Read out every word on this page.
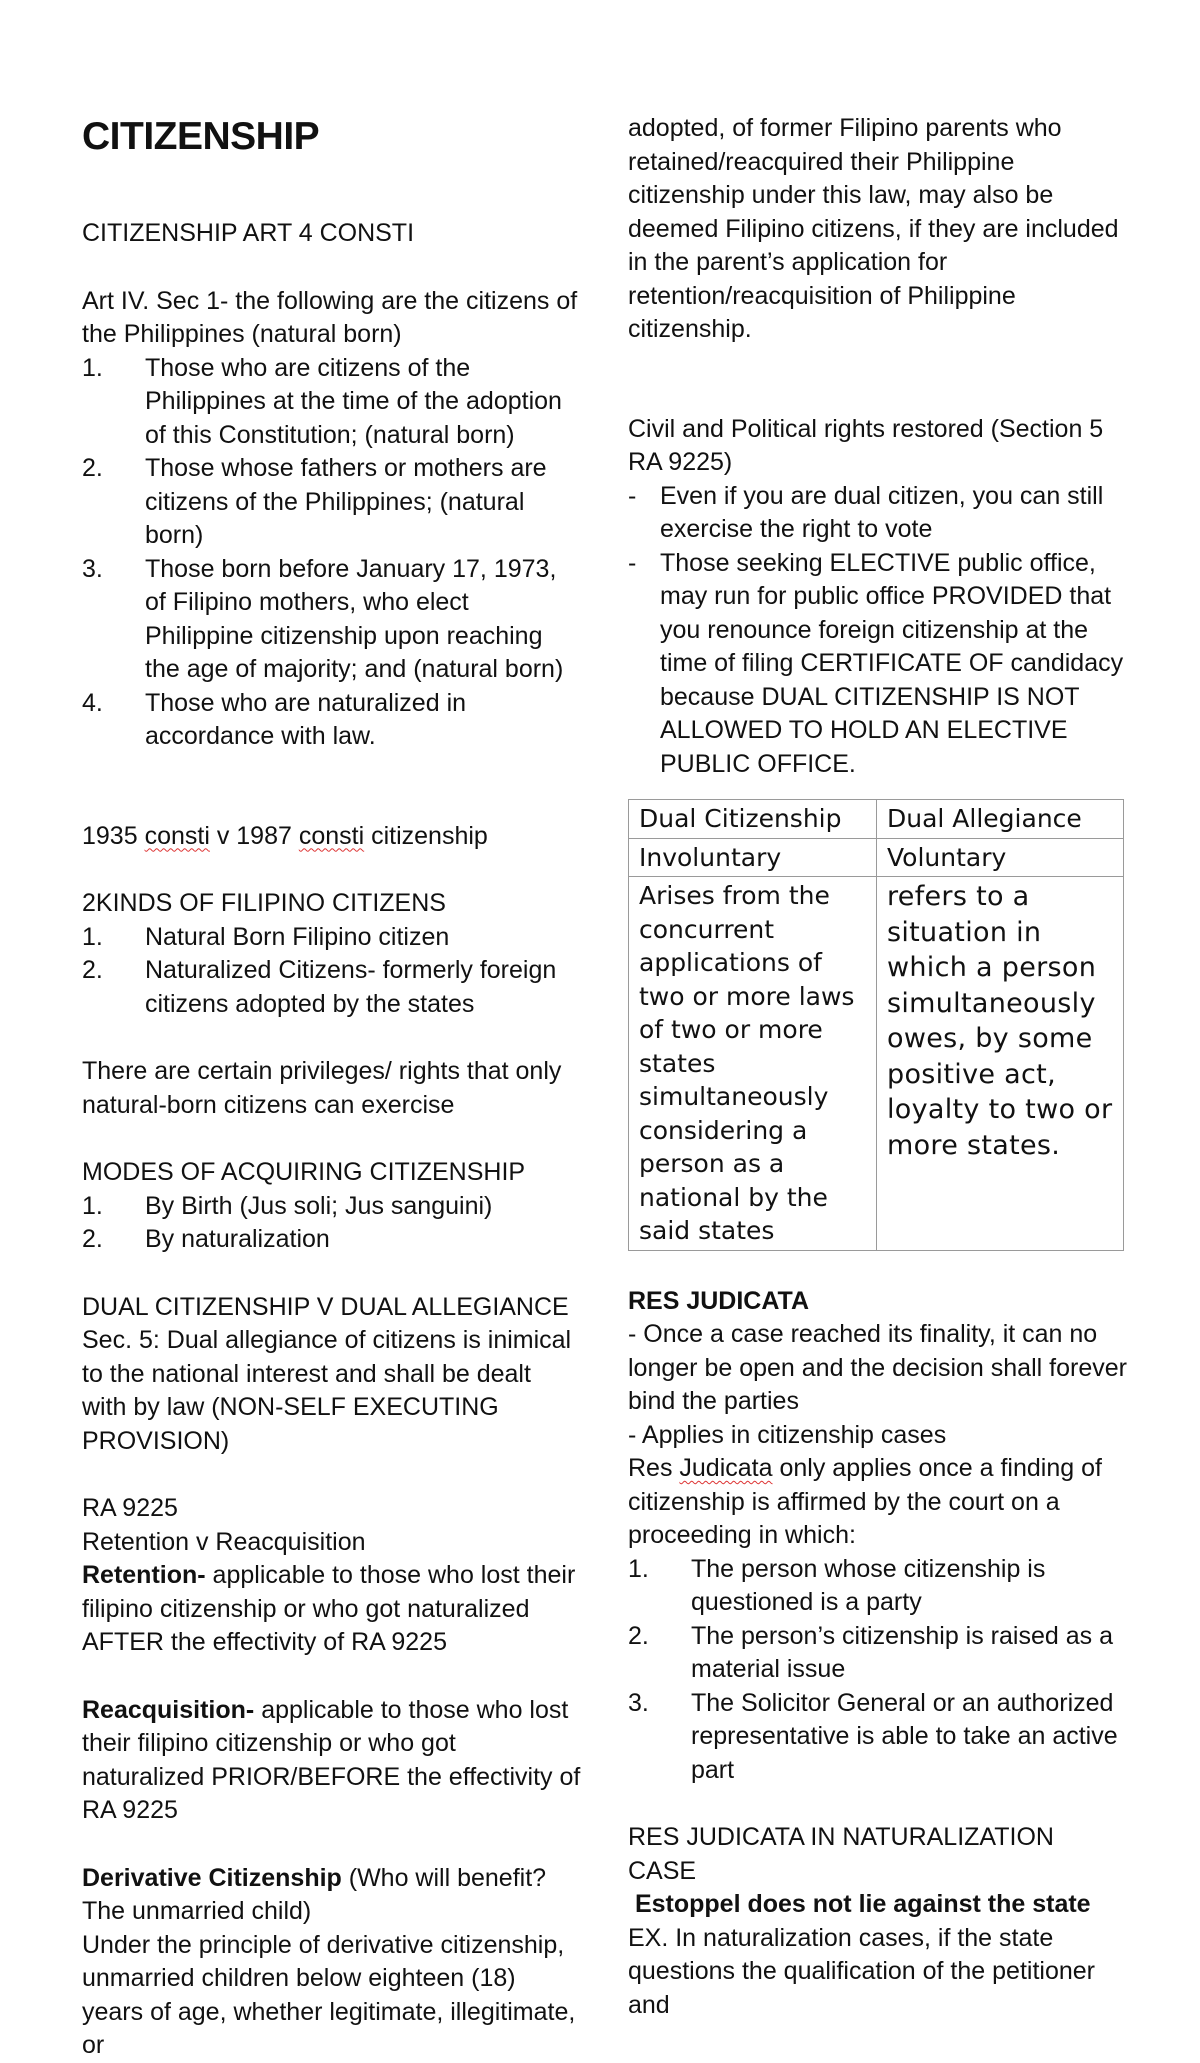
CITIZENSHIP

CITIZENSHIP ART 4 CONSTI

Art IV. Sec 1- the following are the citizens of the Philippines (natural born)

1. Those who are citizens of the Philippines at the time of the adoption of this Constitution; (natural born)
2. Those whose fathers or mothers are citizens of the Philippines; (natural born)
3. Those born before January 17, 1973, of Filipino mothers, who elect Philippine citizenship upon reaching the age of majority; and (natural born)
4. Those who are naturalized in accordance with law.

1935 consti v 1987 consti citizenship

2KINDS OF FILIPINO CITIZENS

1. Natural Born Filipino citizen
2. Naturalized Citizens- formerly foreign citizens adopted by the states

There are certain privileges/ rights that only natural-born citizens can exercise

MODES OF ACQUIRING CITIZENSHIP

1. By Birth (Jus soli; Jus sanguini)
2. By naturalization

DUAL CITIZENSHIP V DUAL ALLEGIANCE

Sec. 5: Dual allegiance of citizens is inimical to the national interest and shall be dealt with by law (NON-SELF EXECUTING PROVISION)

RA 9225

Retention v Reacquisition

Retention- applicable to those who lost their filipino citizenship or who got naturalized AFTER the effectivity of RA 9225

Reacquisition- applicable to those who lost their filipino citizenship or who got naturalized PRIOR/BEFORE the effectivity of RA 9225

Derivative Citizenship (Who will benefit? The unmarried child)

Under the principle of derivative citizenship, unmarried children below eighteen (18) years of age, whether legitimate, illegitimate, or

adopted, of former Filipino parents who retained/reacquired their Philippine citizenship under this law, may also be deemed Filipino citizens, if they are included in the parent’s application for retention/reacquisition of Philippine citizenship.

Civil and Political rights restored (Section 5 RA 9225)

- Even if you are dual citizen, you can still exercise the right to vote
- Those seeking ELECTIVE public office, may run for public office PROVIDED that you renounce foreign citizenship at the time of filing CERTIFICATE OF candidacy because DUAL CITIZENSHIP IS NOT ALLOWED TO HOLD AN ELECTIVE PUBLIC OFFICE.
Dual Citizenship	Dual Allegiance
Involuntary	Voluntary
Arises from the concurrent applications of two or more laws of two or more states simultaneously considering a person as a national by the said states	refers to a situation in which a person simultaneously owes, by some positive act, loyalty to two or more states.

RES JUDICATA

- Once a case reached its finality, it can no longer be open and the decision shall forever bind the parties

- Applies in citizenship cases

Res Judicata only applies once a finding of citizenship is affirmed by the court on a proceeding in which:

1. The person whose citizenship is questioned is a party
2. The person’s citizenship is raised as a material issue
3. The Solicitor General or an authorized representative is able to take an active part

RES JUDICATA IN NATURALIZATION CASE

Estoppel does not lie against the state

EX. In naturalization cases, if the state questions the qualification of the petitioner and
